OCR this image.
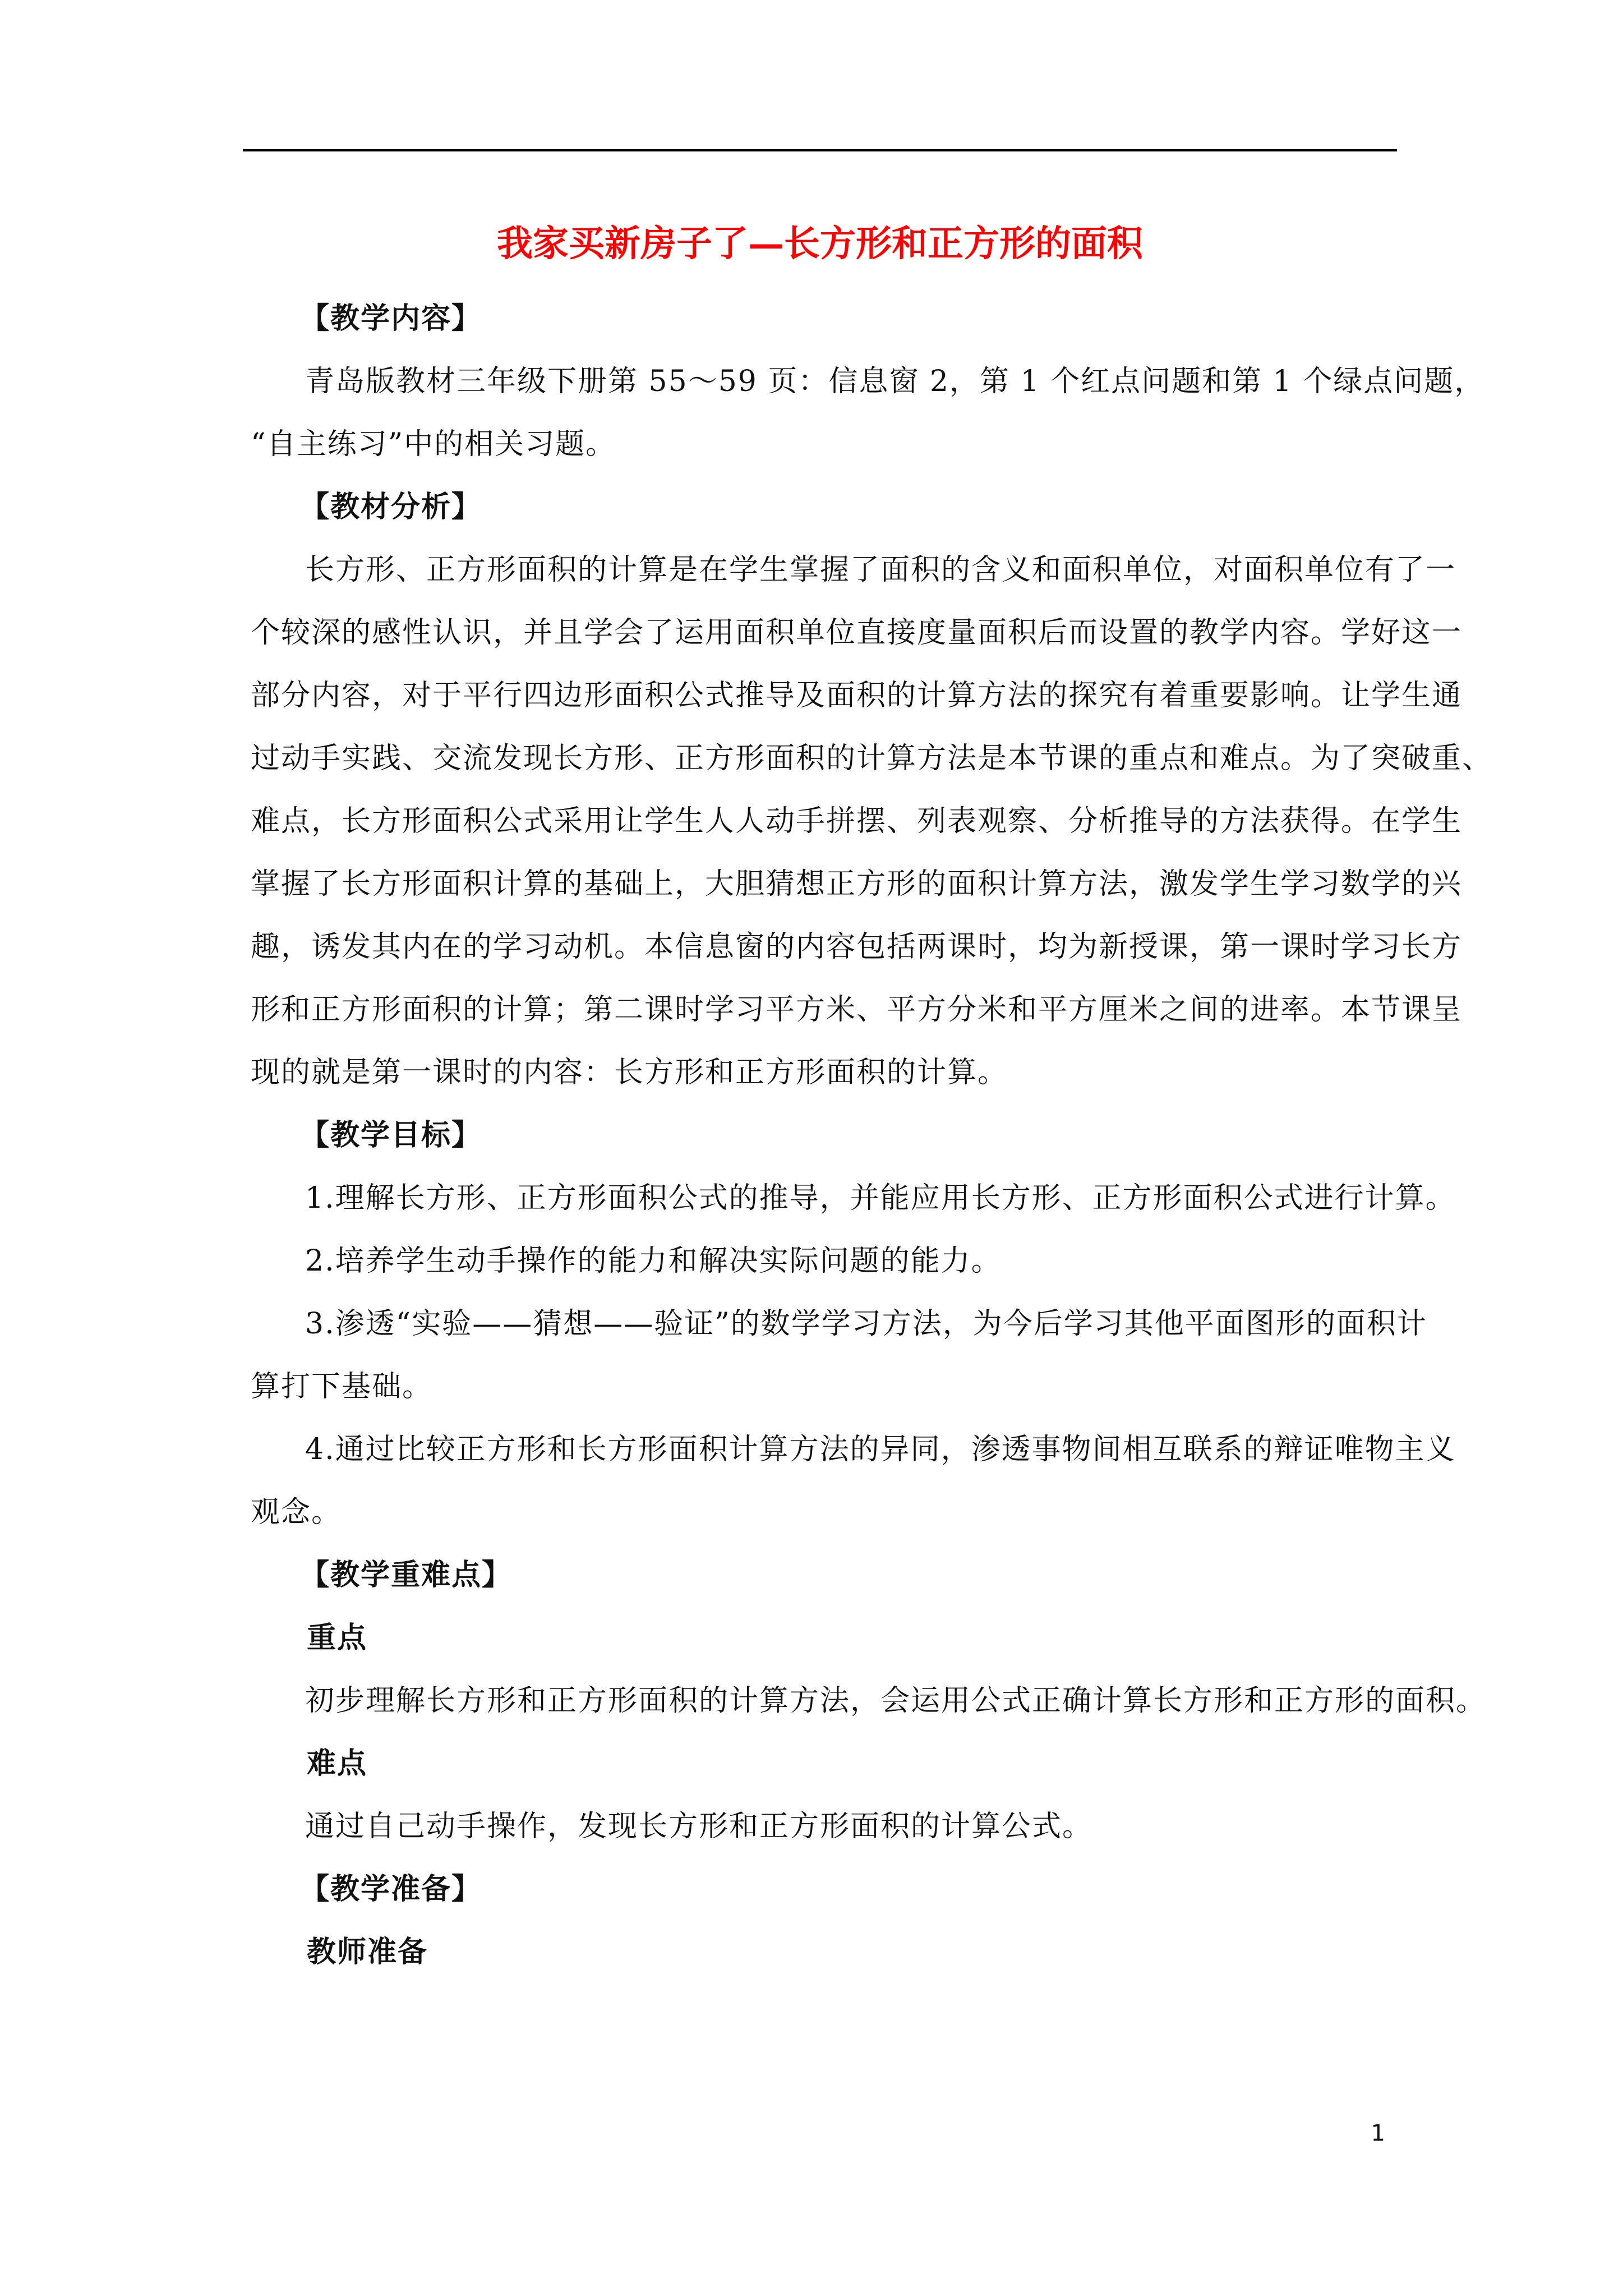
我家买新房子了—长方形和正方形的面积
【教学内容】
青岛版教材三年级下册第 55～59 页：信息窗 2，第 1 个红点问题和第 1 个绿点问题，
“自主练习”中的相关习题。
【教材分析】
长方形、正方形面积的计算是在学生掌握了面积的含义和面积单位，对面积单位有了一
个较深的感性认识，并且学会了运用面积单位直接度量面积后而设置的教学内容。学好这一
部分内容，对于平行四边形面积公式推导及面积的计算方法的探究有着重要影响。让学生通
过动手实践、交流发现长方形、正方形面积的计算方法是本节课的重点和难点。为了突破重、
难点，长方形面积公式采用让学生人人动手拼摆、列表观察、分析推导的方法获得。在学生
掌握了长方形面积计算的基础上，大胆猜想正方形的面积计算方法，激发学生学习数学的兴
趣，诱发其内在的学习动机。本信息窗的内容包括两课时，均为新授课，第一课时学习长方
形和正方形面积的计算；第二课时学习平方米、平方分米和平方厘米之间的进率。本节课呈
现的就是第一课时的内容：长方形和正方形面积的计算。
【教学目标】
1.理解长方形、正方形面积公式的推导，并能应用长方形、正方形面积公式进行计算。
2.培养学生动手操作的能力和解决实际问题的能力。
3.渗透“实验——猜想——验证”的数学学习方法，为今后学习其他平面图形的面积计
算打下基础。
4.通过比较正方形和长方形面积计算方法的异同，渗透事物间相互联系的辩证唯物主义
观念。
【教学重难点】
重点
初步理解长方形和正方形面积的计算方法，会运用公式正确计算长方形和正方形的面积。
难点
通过自己动手操作，发现长方形和正方形面积的计算公式。
【教学准备】
教师准备
1
